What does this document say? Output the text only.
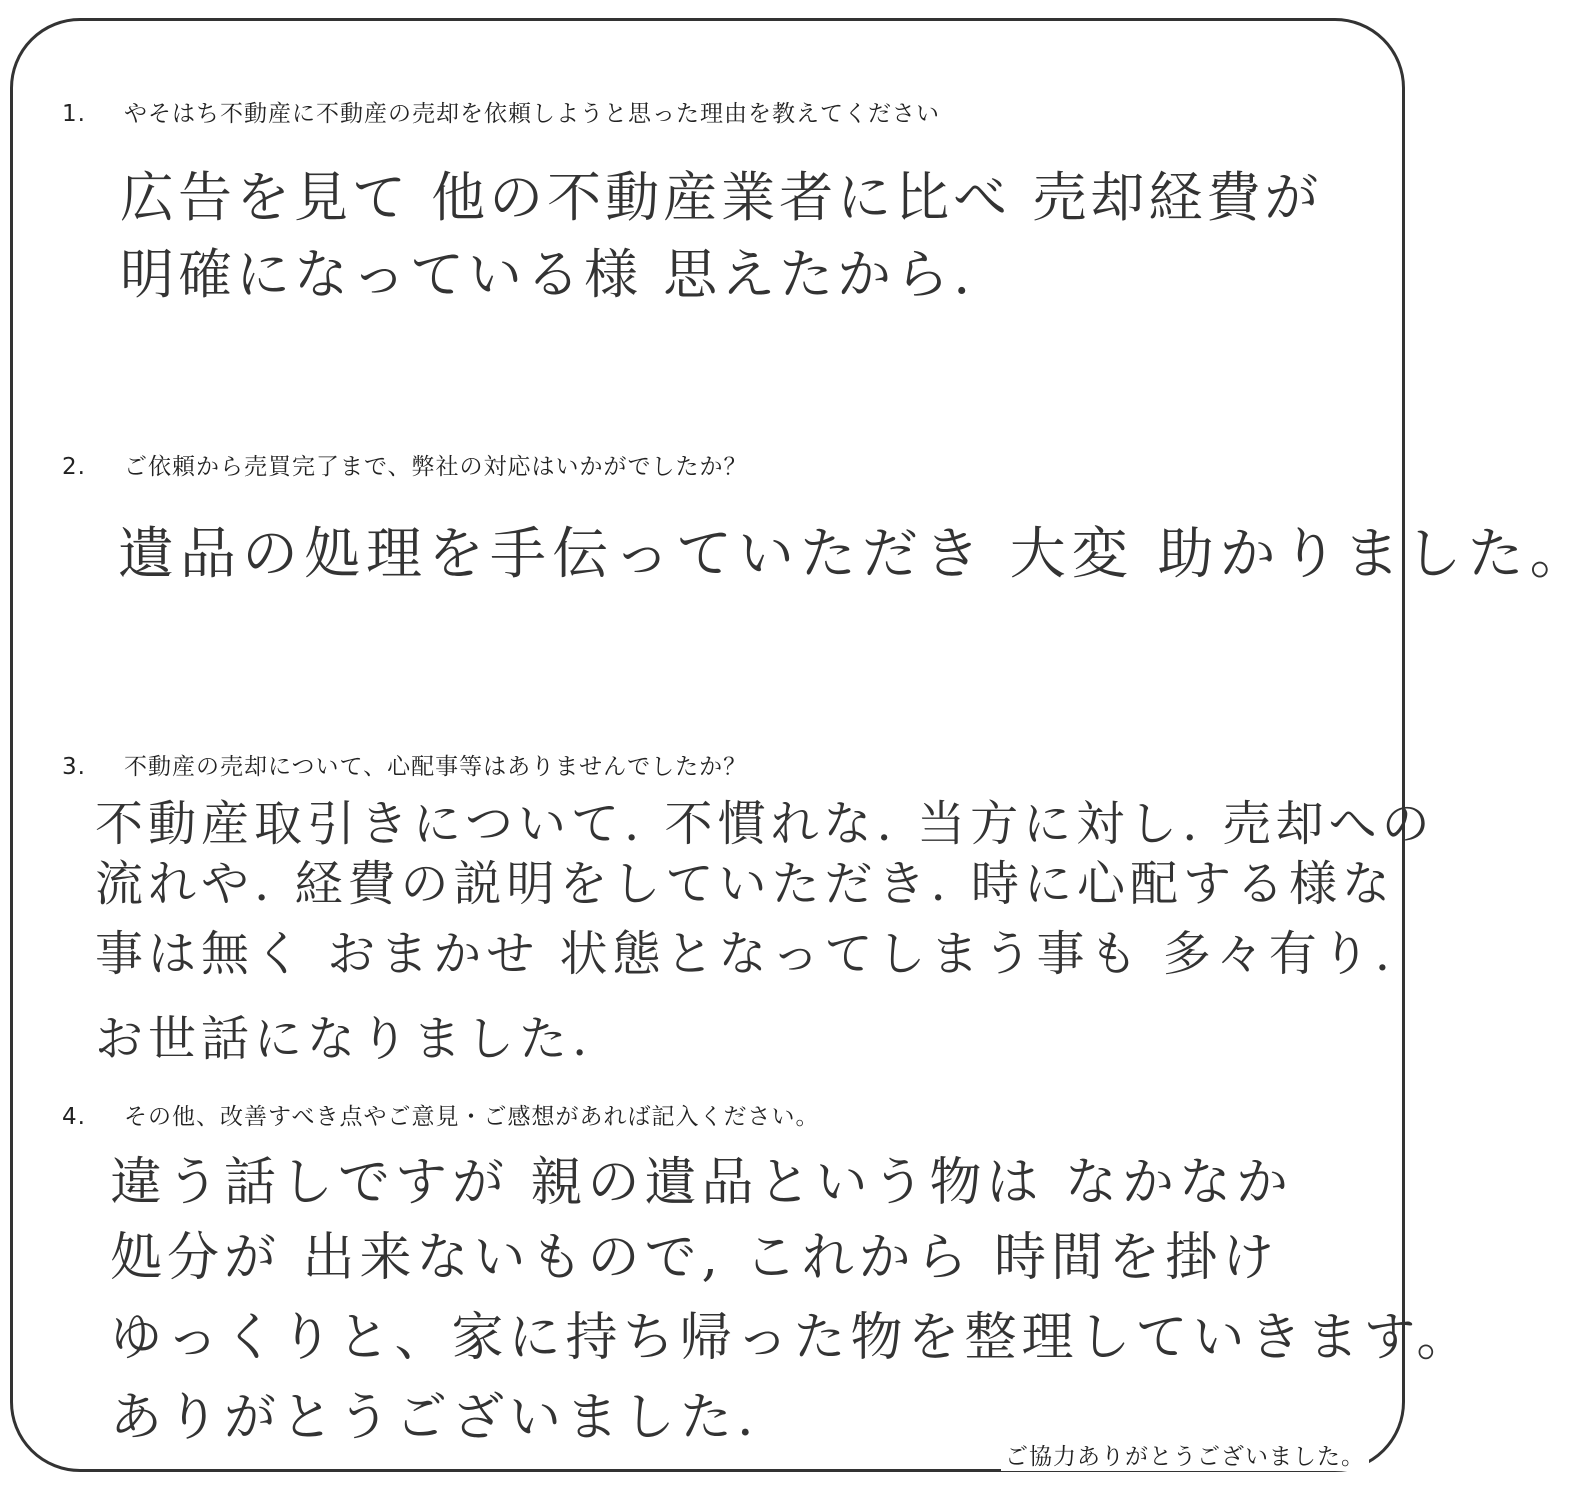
1. やそはち不動産に不動産の売却を依頼しようと思った理由を教えてください
広告を見て 他の不動産業者に比べ 売却経費が
明確になっている様 思えたから.
2. ご依頼から売買完了まで、弊社の対応はいかがでしたか？
遺品の処理を手伝っていただき 大変 助かりました。
3. 不動産の売却について、心配事等はありませんでしたか？
不動産取引きについて. 不慣れな. 当方に対し. 売却への
流れや. 経費の説明をしていただき. 時に心配する様な
事は無く おまかせ 状態となってしまう事も 多々有り.
お世話になりました.
4. その他、改善すべき点やご意見・ご感想があれば記入ください。
違う話しですが 親の遺品という物は なかなか
処分が 出来ないもので, これから 時間を掛け
ゆっくりと、家に持ち帰った物を整理していきます。
ありがとうございました.
ご協力ありがとうございました。
